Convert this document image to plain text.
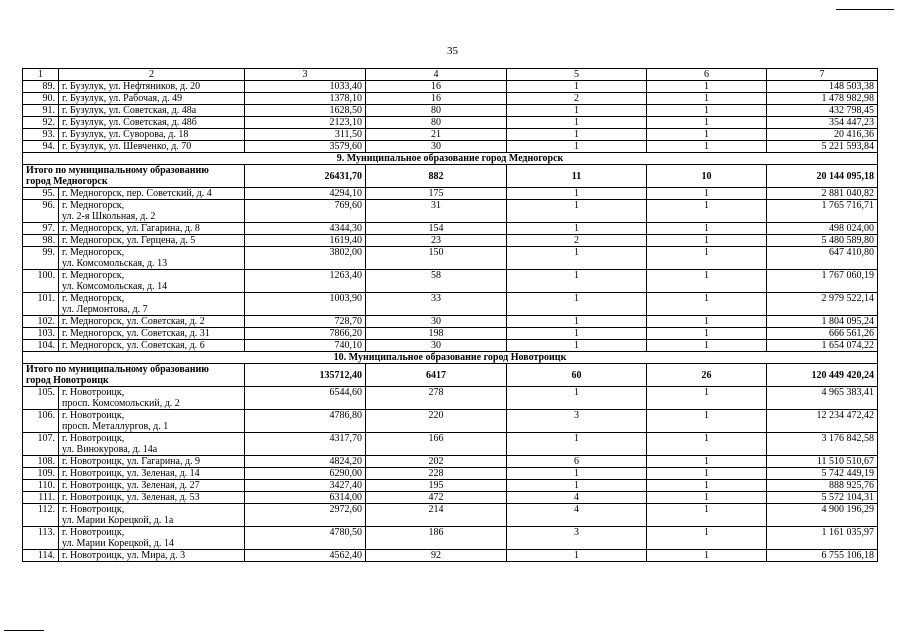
35
1	2	3	4	5	6	7
89.	г. Бузулук, ул. Нефтяников, д. 20	1033,40	16	1	1	148 503,38
90.	г. Бузулук, ул. Рабочая, д. 49	1378,10	16	2	1	1 478 982,98
91.	г. Бузулук, ул. Советская, д. 48а	1628,50	80	1	1	432 798,45
92.	г. Бузулук, ул. Советская, д. 48б	2123,10	80	1	1	354 447,23
93.	г. Бузулук, ул. Суворова, д. 18	311,50	21	1	1	20 416,36
94.	г. Бузулук, ул. Шевченко, д. 70	3579,60	30	1	1	5 221 593,84
9. Муниципальное образование город Медногорск						

Итого по муниципальному образованию
город Медногорск		26431,70	882	11	10	20 144 095,18
95.	г. Медногорск, пер. Советский, д. 4	4294,10	175	1	1	2 881 040,82
96.	г. Медногорск,
ул. 2-я Школьная, д. 2	769,60	31	1	1	1 765 716,71
97.	г. Медногорск, ул. Гагарина, д. 8	4344,30	154	1	1	498 024,00
98.	г. Медногорск, ул. Герцена, д. 5	1619,40	23	2	1	5 480 589,80
99.	г. Медногорск,
ул. Комсомольская, д. 13	3802,00	150	1	1	647 410,80
100.	г. Медногорск,
ул. Комсомольская, д. 14	1263,40	58	1	1	1 767 060,19
101.	г. Медногорск,
ул. Лермонтова, д. 7	1003,90	33	1	1	2 979 522,14
102.	г. Медногорск, ул. Советская, д. 2	728,70	30	1	1	1 804 095,24
103.	г. Медногорск, ул. Советская, д. 31	7866,20	198	1	1	666 561,26
104.	г. Медногорск, ул. Советская, д. 6	740,10	30	1	1	1 654 074,22
10. Муниципальное образование город Новотроицк						

Итого по муниципальному образованию
город Новотроицк		135712,40	6417	60	26	120 449 420,24
105.	г. Новотроицк,
просп. Комсомольский, д. 2	6544,60	278	1	1	4 965 383,41
106.	г. Новотроицк,
просп. Металлургов, д. 1	4786,80	220	3	1	12 234 472,42
107.	г. Новотроицк,
ул. Винокурова, д. 14а	4317,70	166	1	1	3 176 842,58
108.	г. Новотроицк, ул. Гагарина, д. 9	4824,20	202	6	1	11 510 510,67
109.	г. Новотроицк, ул. Зеленая, д. 14	6290,00	228	1	1	5 742 449,19
110.	г. Новотроицк, ул. Зеленая, д. 27	3427,40	195	1	1	888 925,76
111.	г. Новотроицк, ул. Зеленая, д. 53	6314,00	472	4	1	5 572 104,31
112.	г. Новотроицк,
ул. Марии Корецкой, д. 1а	2972,60	214	4	1	4 900 196,29
113.	г. Новотроицк,
ул. Марии Корецкой, д. 14	4780,50	186	3	1	1 161 035,97
114.	г. Новотроицк, ул. Мира, д. 3	4562,40	92	1	1	6 755 106,18
